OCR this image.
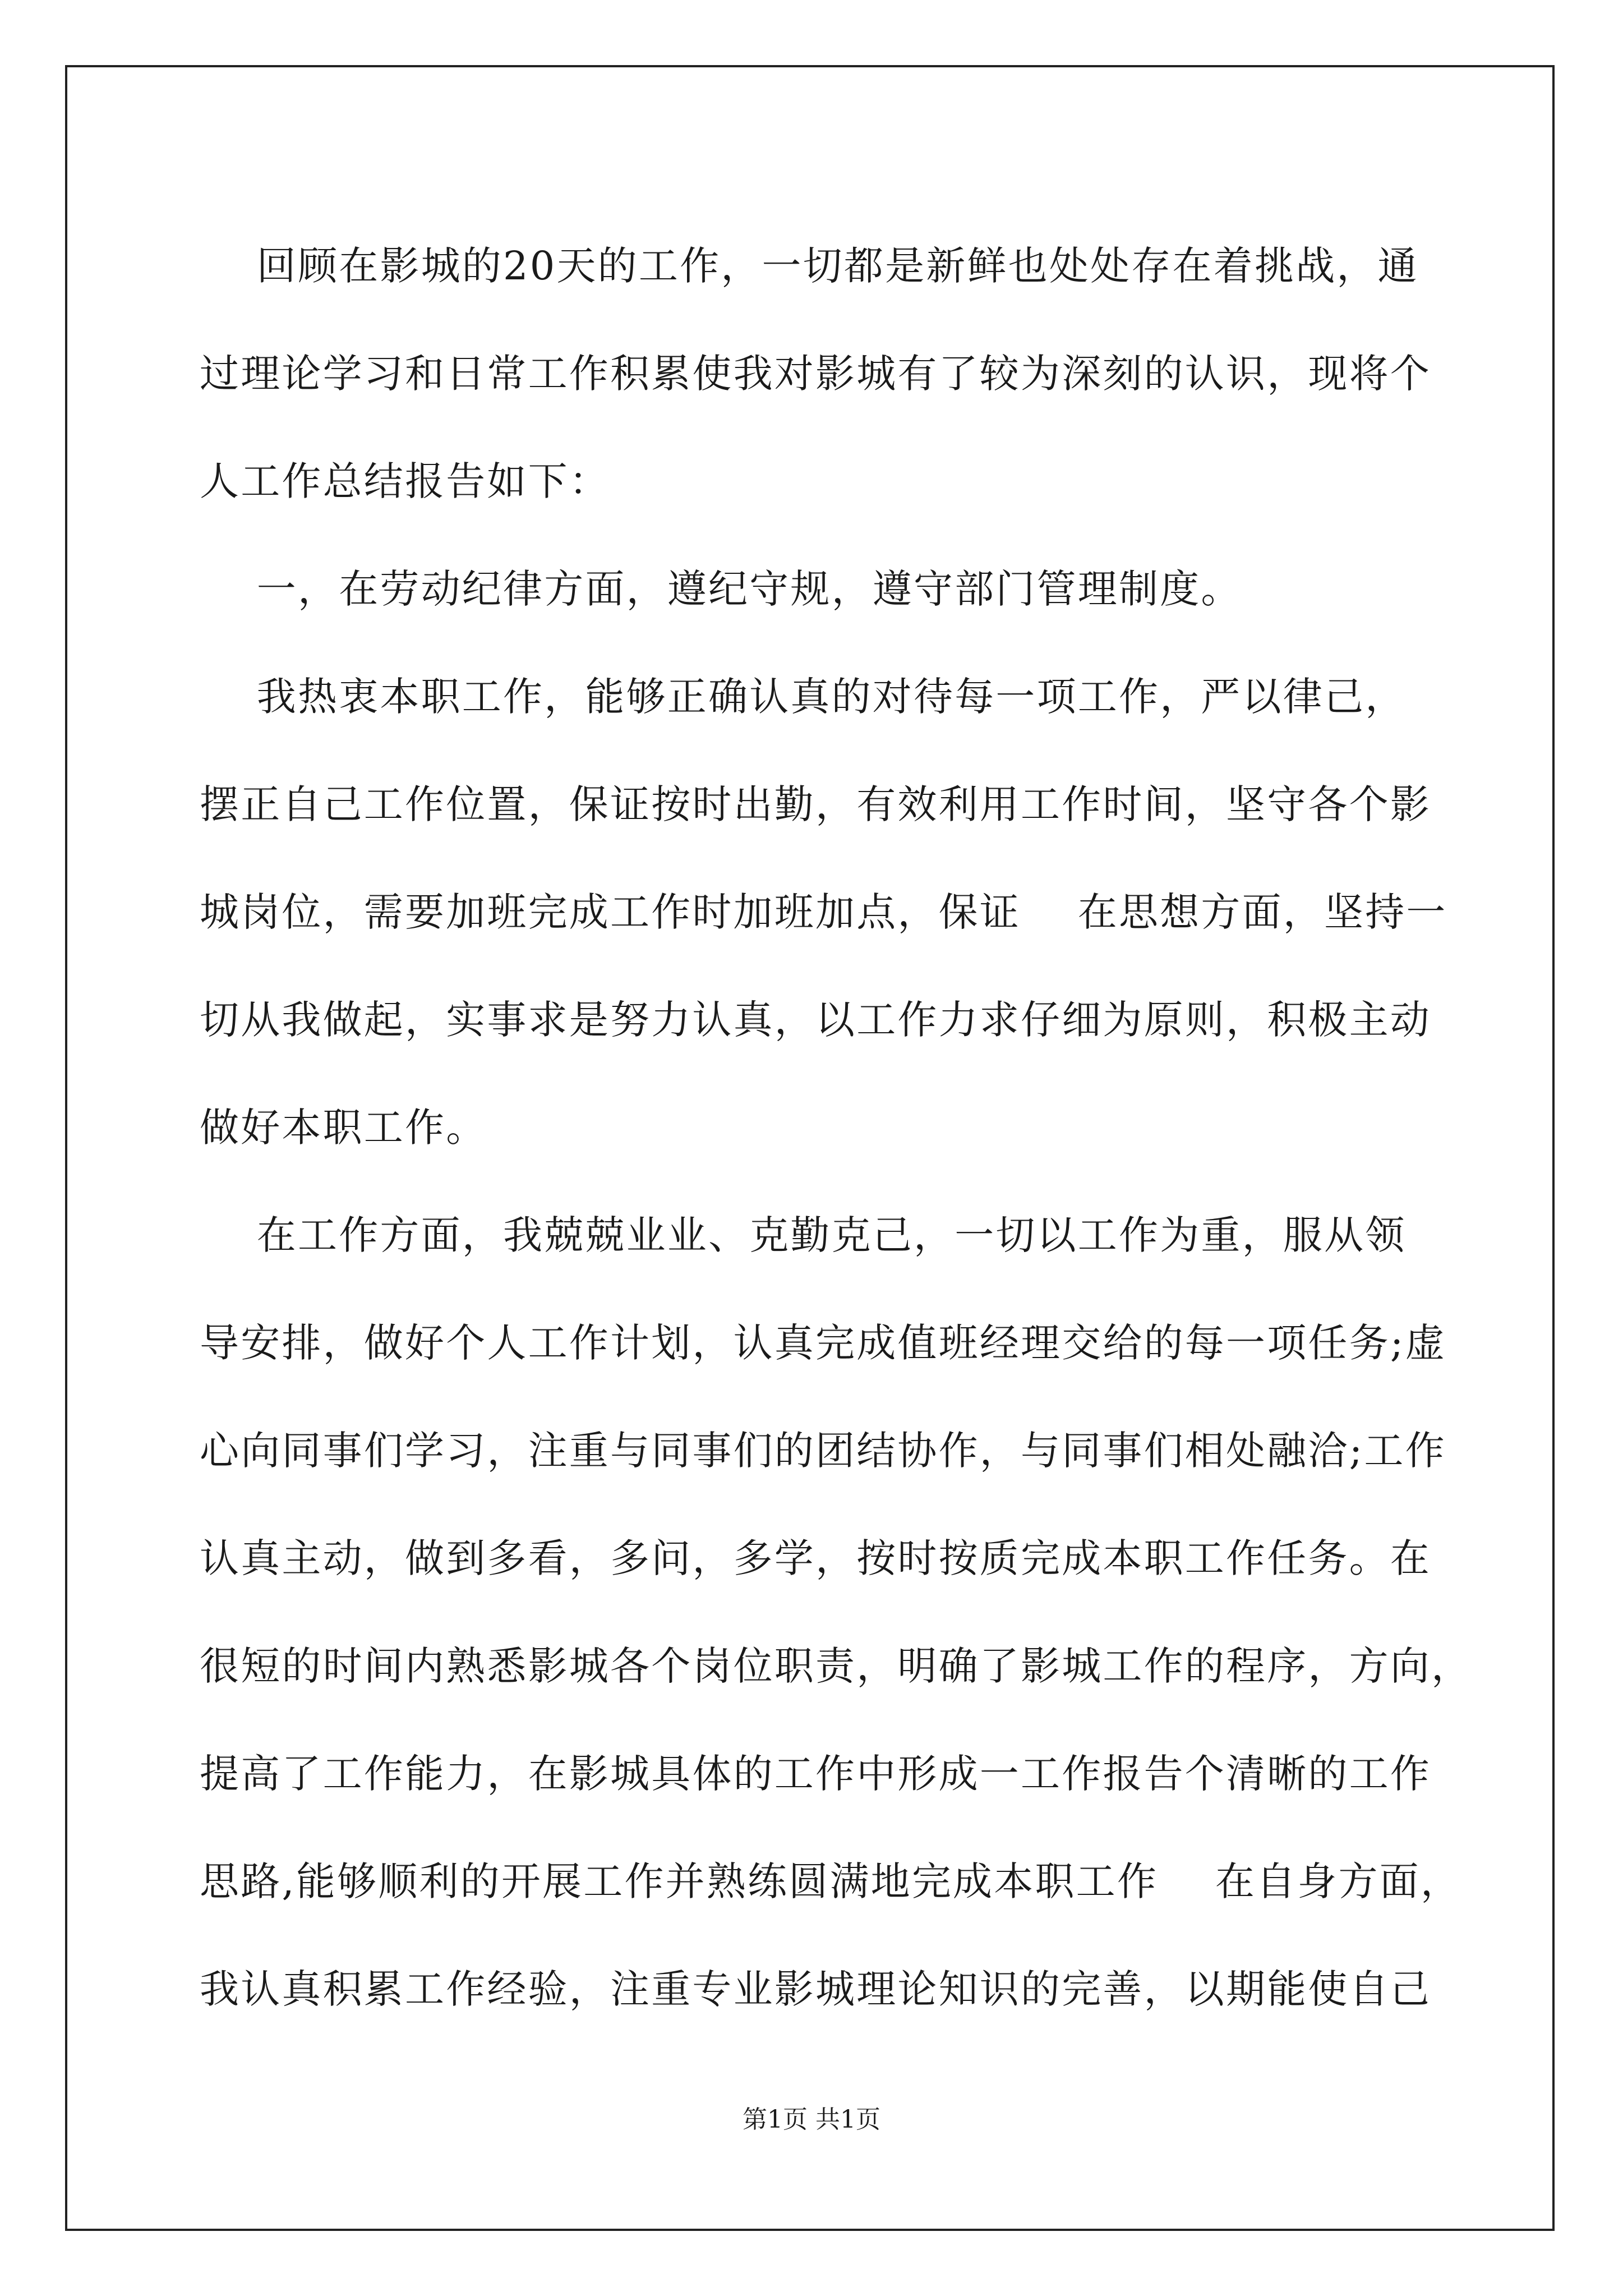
回顾在影城的20天的工作，一切都是新鲜也处处存在着挑战，通
过理论学习和日常工作积累使我对影城有了较为深刻的认识，现将个
人工作总结报告如下：
一，在劳动纪律方面，遵纪守规，遵守部门管理制度。
我热衷本职工作，能够正确认真的对待每一项工作，严以律己，
摆正自己工作位置，保证按时出勤，有效利用工作时间，坚守各个影
城岗位，需要加班完成工作时加班加点，保证    在思想方面，坚持一
切从我做起，实事求是努力认真，以工作力求仔细为原则，积极主动
做好本职工作。
在工作方面，我兢兢业业、克勤克己，一切以工作为重，服从领
导安排，做好个人工作计划，认真完成值班经理交给的每一项任务;虚
心向同事们学习，注重与同事们的团结协作，与同事们相处融洽;工作
认真主动，做到多看，多问，多学，按时按质完成本职工作任务。在
很短的时间内熟悉影城各个岗位职责，明确了影城工作的程序，方向，
提高了工作能力，在影城具体的工作中形成一工作报告个清晰的工作
思路,能够顺利的开展工作并熟练圆满地完成本职工作    在自身方面，
我认真积累工作经验，注重专业影城理论知识的完善，以期能使自己
第1页 共1页
